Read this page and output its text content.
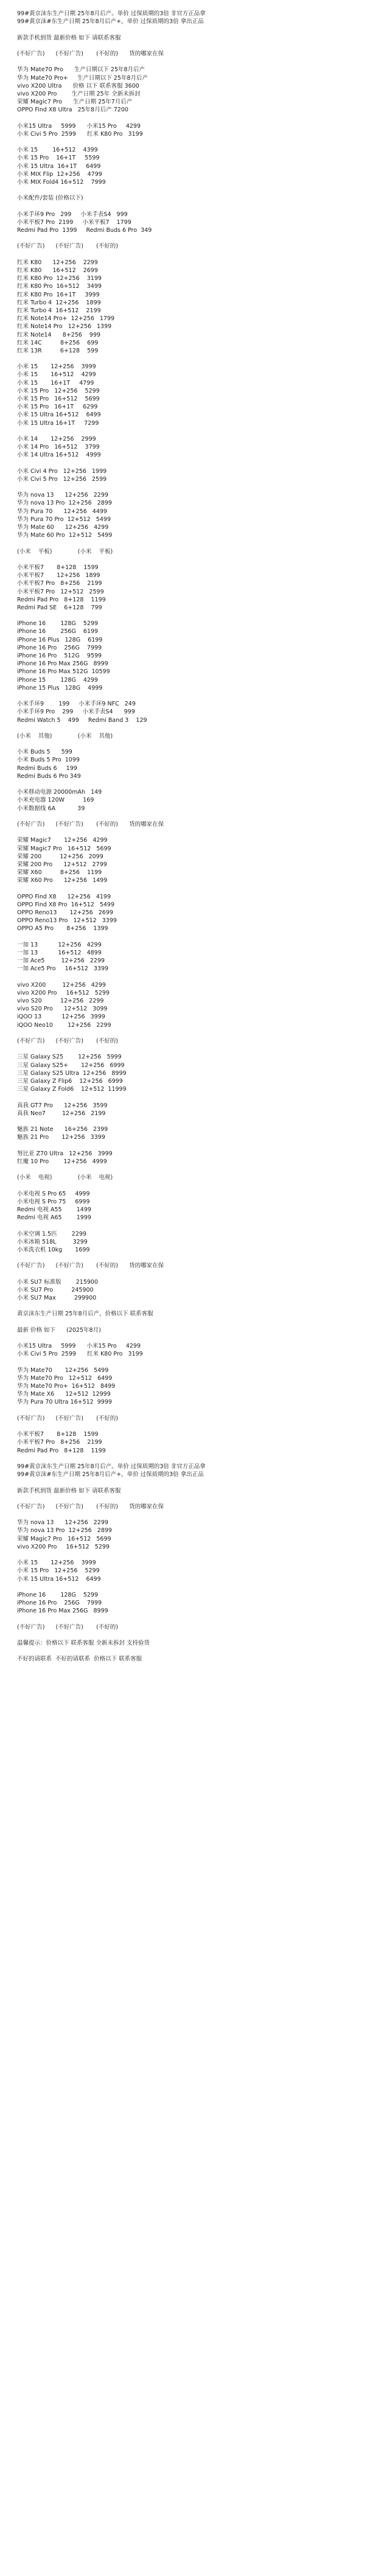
99#黄京沫东生产日期 25年8月后产。单价 过保质期的3倍 非官方正品拿
99#黄京沫#东生产日期 25年8月后产+，单价 过保质期的3倍 拿出正品
新款手机到货 最新价格 如下 请联系客服
(不好广告)      (不好广告)       (不好的)      货的哪家在保
华为 Mate70 Pro      生产日期以下 25年8月后产
华为 Mate70 Pro+     生产日期以下 25年8月后产
vivo X200 Ultra      价格 以下 联系客服 3600
vivo X200 Pro        生产日期 25年 全新未拆封
荣耀 Magic7 Pro      生产日期 25年7月后产
OPPO Find X8 Ultra   25年8月后产 7200
小米15 Ultra     5999      小米15 Pro     4299
小米 Civi 5 Pro  2599      红米 K80 Pro   3199
小米 15        16+512    4399
小米 15 Pro    16+1T     5599
小米 15 Ultra  16+1T     6499
小米 MIX Flip  12+256    4799
小米 MIX Fold4 16+512    7999
小米配件/套装 (价格以下)
小米手环9 Pro   299     小米手表S4   999
小米平板7 Pro  2199     小米平板7    1799
Redmi Pad Pro  1399     Redmi Buds 6 Pro  349
(不好广告)      (不好广告)       (不好的)
红米 K80      12+256    2299
红米 K80      16+512    2699
红米 K80 Pro  12+256    3199
红米 K80 Pro  16+512    3499
红米 K80 Pro  16+1T     3999
红米 Turbo 4  12+256    1899
红米 Turbo 4  16+512    2199
红米 Note14 Pro+  12+256   1799
红米 Note14 Pro   12+256   1399
红米 Note14      8+256    999
红米 14C          8+256    699
红米 13R          6+128    599
小米 15       12+256    3999
小米 15       16+512    4299
小米 15       16+1T     4799
小米 15 Pro   12+256    5299
小米 15 Pro   16+512    5699
小米 15 Pro   16+1T     6299
小米 15 Ultra 16+512    6499
小米 15 Ultra 16+1T     7299
小米 14       12+256    2999
小米 14 Pro   16+512    3799
小米 14 Ultra 16+512    4999
小米 Civi 4 Pro   12+256   1999
小米 Civi 5 Pro   12+256   2599
华为 nova 13      12+256   2299
华为 nova 13 Pro  12+256   2899
华为 Pura 70      12+256   4499
华为 Pura 70 Pro  12+512   5499
华为 Mate 60      12+256   4299
华为 Mate 60 Pro  12+512   5499
(小米    平板)              (小米    平板)
小米平板7       8+128    1599
小米平板7       12+256   1899
小米平板7 Pro   8+256    2199
小米平板7 Pro   12+512   2599
Redmi Pad Pro   8+128    1199
Redmi Pad SE    6+128    799
iPhone 16        128G    5299
iPhone 16        256G    6199
iPhone 16 Plus   128G    6199
iPhone 16 Pro    256G    7999
iPhone 16 Pro    512G    9599
iPhone 16 Pro Max 256G   8999
iPhone 16 Pro Max 512G  10599
iPhone 15        128G    4299
iPhone 15 Plus   128G    4999
小米手环9        199     小米手环9 NFC   249
小米手环9 Pro    299     小米手表S4      999
Redmi Watch 5    499     Redmi Band 3    129
(小米    其他)              (小米    其他)
小米 Buds 5      599
小米 Buds 5 Pro  1099
Redmi Buds 6     199
Redmi Buds 6 Pro 349
小米移动电源 20000mAh   149
小米充电器 120W          169
小米数据线 6A            39
(不好广告)      (不好广告)       (不好的)      货的哪家在保
荣耀 Magic7       12+256   4299
荣耀 Magic7 Pro   16+512   5699
荣耀 200          12+256   2099
荣耀 200 Pro      12+512   2799
荣耀 X60          8+256    1199
荣耀 X60 Pro      12+256   1499
OPPO Find X8      12+256   4199
OPPO Find X8 Pro  16+512   5499
OPPO Reno13       12+256   2699
OPPO Reno13 Pro   12+512   3399
OPPO A5 Pro       8+256    1399
一加 13           12+256   4299
一加 13           16+512   4899
一加 Ace5         12+256   2299
一加 Ace5 Pro     16+512   3399
vivo X200         12+256   4299
vivo X200 Pro     16+512   5299
vivo S20          12+256   2299
vivo S20 Pro      12+512   3099
iQOO 13           12+256   3999
iQOO Neo10        12+256   2299
(不好广告)      (不好广告)       (不好的)
三星 Galaxy S25        12+256   5999
三星 Galaxy S25+       12+256   6999
三星 Galaxy S25 Ultra  12+256   8999
三星 Galaxy Z Flip6    12+256   6999
三星 Galaxy Z Fold6    12+512  11999
真我 GT7 Pro      12+256   3599
真我 Neo7         12+256   2199
魅族 21 Note      16+256   2399
魅族 21 Pro       12+256   3399
努比亚 Z70 Ultra   12+256   3999
红魔 10 Pro        12+256   4999
(小米    电视)              (小米    电视)
小米电视 S Pro 65     4999
小米电视 S Pro 75     6999
Redmi 电视 A55        1499
Redmi 电视 A65        1999
小米空调 1.5匹        2299
小米冰箱 518L         3299
小米洗衣机 10kg       1699
(不好广告)      (不好广告)       (不好的)      货的哪家在保
小米 SU7 标准版        215900
小米 SU7 Pro          245900
小米 SU7 Max          299900
黄京沫东生产日期 25年8月后产，价格以下 联系客服
最新 价格 如下      (2025年8月)
小米15 Ultra     5999      小米15 Pro     4299
小米 Civi 5 Pro  2599      红米 K80 Pro   3199
华为 Mate70       12+256   5499
华为 Mate70 Pro   12+512   6499
华为 Mate70 Pro+  16+512   8499
华为 Mate X6      12+512  12999
华为 Pura 70 Ultra 16+512  9999
(不好广告)      (不好广告)       (不好的)
小米平板7       8+128    1599
小米平板7 Pro   8+256    2199
Redmi Pad Pro   8+128    1199
99#黄京沫东生产日期 25年8月后产。单价 过保质期的3倍 非官方正品拿
99#黄京沫#东生产日期 25年8月后产+，单价 过保质期的3倍 拿出正品
新款手机到货 最新价格 如下 请联系客服
(不好广告)      (不好广告)       (不好的)      货的哪家在保
华为 nova 13      12+256   2299
华为 nova 13 Pro  12+256   2899
荣耀 Magic7 Pro   16+512   5699
vivo X200 Pro     16+512   5299
小米 15       12+256    3999
小米 15 Pro   12+256    5299
小米 15 Ultra 16+512    6499
iPhone 16        128G    5299
iPhone 16 Pro    256G    7999
iPhone 16 Pro Max 256G   8999
(不好广告)      (不好广告)       (不好的)
温馨提示：价格以下 联系客服 全新未拆封 支持验货
不好的请联系  不好的请联系  价格以下 联系客服
